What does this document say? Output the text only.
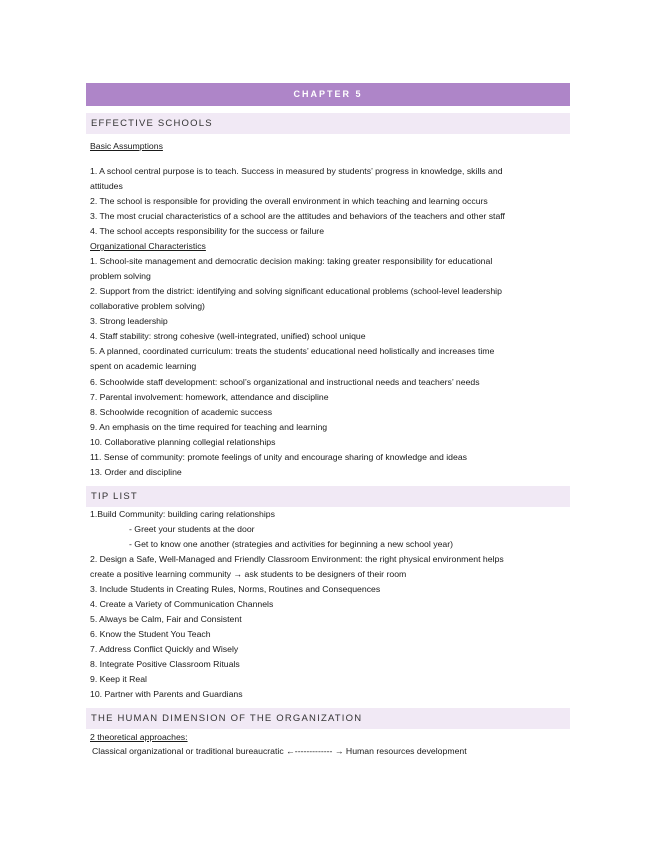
CHAPTER 5
EFFECTIVE SCHOOLS
Basic Assumptions
1. A school central purpose is to teach. Success in measured by students’ progress in knowledge, skills and
attitudes
2. The school is responsible for providing the overall environment in which teaching and learning occurs
3. The most crucial characteristics of a school are the attitudes and behaviors of the teachers and other staff
4. The school accepts responsibility for the success or failure
Organizational Characteristics
1. School-site management and democratic decision making: taking greater responsibility for educational
problem solving
2. Support from the district: identifying and solving significant educational problems (school-level leadership
collaborative problem solving)
3. Strong leadership
4. Staff stability: strong cohesive (well-integrated, unified) school unique
5. A planned, coordinated curriculum: treats the students’ educational need holistically and increases time
spent on academic learning
6. Schoolwide staff development: school’s organizational and instructional needs and teachers’ needs
7. Parental involvement: homework, attendance and discipline
8. Schoolwide recognition of academic success
9. An emphasis on the time required for teaching and learning
10. Collaborative planning collegial relationships
11. Sense of community: promote feelings of unity and encourage sharing of knowledge and ideas
13. Order and discipline
TIP LIST
1.Build Community: building caring relationships
- Greet your students at the door
- Get to know one another (strategies and activities for beginning a new school year)
2. Design a Safe, Well-Managed and Friendly Classroom Environment: the right physical environment helps
create a positive learning community → ask students to be designers of their room
3. Include Students in Creating Rules, Norms, Routines and Consequences
4. Create a Variety of Communication Channels
5. Always be Calm, Fair and Consistent
6. Know the Student You Teach
7. Address Conflict Quickly and Wisely
8. Integrate Positive Classroom Rituals
9. Keep it Real
10. Partner with Parents and Guardians
THE HUMAN DIMENSION OF THE ORGANIZATION
2 theoretical approaches:
Classical organizational or traditional bureaucratic ←------------- → Human resources development
